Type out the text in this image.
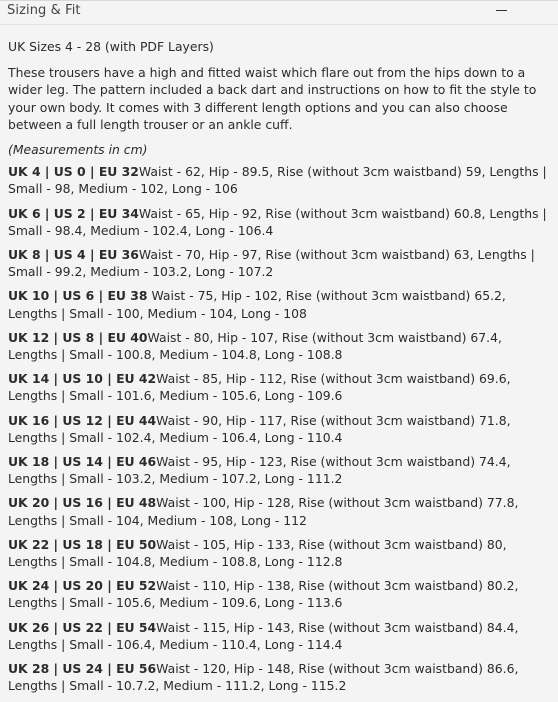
Sizing & Fit

UK Sizes 4 - 28 (with PDF Layers)

These trousers have a high and fitted waist which flare out from the hips down to a wider leg. The pattern included a back dart and instructions on how to fit the style to your own body. It comes with 3 different length options and you can also choose between a full length trouser or an ankle cuff.

(Measurements in cm)

UK 4 | US 0 | EU 32Waist - 62, Hip - 89.5, Rise (without 3cm waistband) 59, Lengths | Small - 98, Medium - 102, Long - 106

UK 6 | US 2 | EU 34Waist - 65, Hip - 92, Rise (without 3cm waistband) 60.8, Lengths | Small - 98.4, Medium - 102.4, Long - 106.4

UK 8 | US 4 | EU 36Waist - 70, Hip - 97, Rise (without 3cm waistband) 63, Lengths | Small - 99.2, Medium - 103.2, Long - 107.2

UK 10 | US 6 | EU 38 Waist - 75, Hip - 102, Rise (without 3cm waistband) 65.2, Lengths | Small - 100, Medium - 104, Long - 108

UK 12 | US 8 | EU 40Waist - 80, Hip - 107, Rise (without 3cm waistband) 67.4, Lengths | Small - 100.8, Medium - 104.8, Long - 108.8

UK 14 | US 10 | EU 42Waist - 85, Hip - 112, Rise (without 3cm waistband) 69.6, Lengths | Small - 101.6, Medium - 105.6, Long - 109.6

UK 16 | US 12 | EU 44Waist - 90, Hip - 117, Rise (without 3cm waistband) 71.8, Lengths | Small - 102.4, Medium - 106.4, Long - 110.4

UK 18 | US 14 | EU 46Waist - 95, Hip - 123, Rise (without 3cm waistband) 74.4, Lengths | Small - 103.2, Medium - 107.2, Long - 111.2

UK 20 | US 16 | EU 48Waist - 100, Hip - 128, Rise (without 3cm waistband) 77.8, Lengths | Small - 104, Medium - 108, Long - 112

UK 22 | US 18 | EU 50Waist - 105, Hip - 133, Rise (without 3cm waistband) 80, Lengths | Small - 104.8, Medium - 108.8, Long - 112.8

UK 24 | US 20 | EU 52Waist - 110, Hip - 138, Rise (without 3cm waistband) 80.2, Lengths | Small - 105.6, Medium - 109.6, Long - 113.6

UK 26 | US 22 | EU 54Waist - 115, Hip - 143, Rise (without 3cm waistband) 84.4, Lengths | Small - 106.4, Medium - 110.4, Long - 114.4

UK 28 | US 24 | EU 56Waist - 120, Hip - 148, Rise (without 3cm waistband) 86.6, Lengths | Small - 10.7.2, Medium - 111.2, Long - 115.2
